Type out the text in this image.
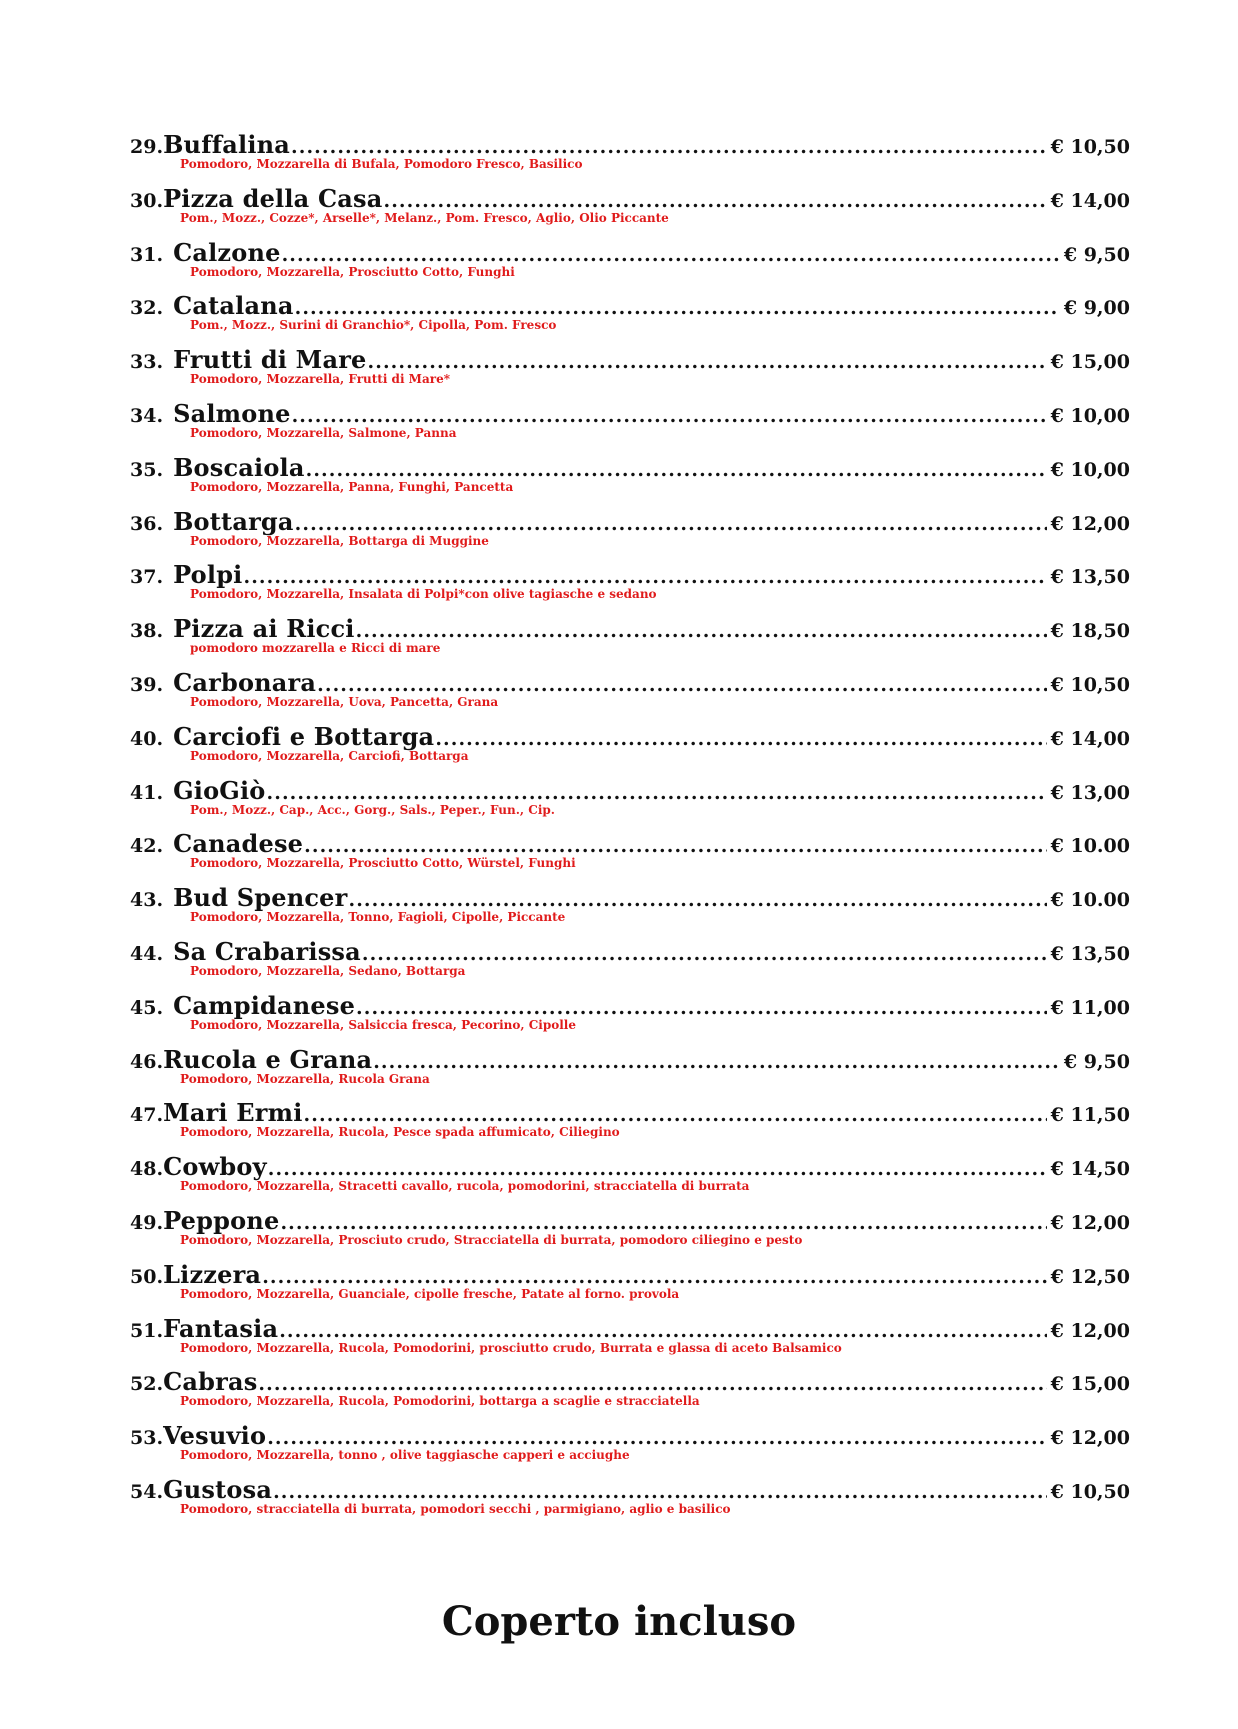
29. Buffalina .....	€ 10,50
Pomodoro, Mozzarella di Bufala, Pomodoro Fresco, Basilico
30. Pizza della Casa .....	€ 14,00
Pom., Mozz., Cozze*, Arselle*, Melanz., Pom. Fresco, Aglio, Olio Piccante
31. Calzone .....	€ 9,50
Pomodoro, Mozzarella, Prosciutto Cotto, Funghi
32. Catalana .....	€ 9,00
Pom., Mozz., Surini di Granchio*, Cipolla, Pom. Fresco
33. Frutti di Mare .....	€ 15,00
Pomodoro, Mozzarella, Frutti di Mare*
34. Salmone .....	€ 10,00
Pomodoro, Mozzarella, Salmone, Panna
35. Boscaiola .....	€ 10,00
Pomodoro, Mozzarella, Panna, Funghi, Pancetta
36. Bottarga .....	€ 12,00
Pomodoro, Mozzarella, Bottarga di Muggine
37. Polpi .....	€ 13,50
Pomodoro, Mozzarella, Insalata di Polpi*con olive tagiasche e sedano
38. Pizza ai Ricci .....	€ 18,50
pomodoro mozzarella e Ricci di mare
39. Carbonara .....	€ 10,50
Pomodoro, Mozzarella, Uova, Pancetta, Grana
40. Carciofi e Bottarga .....	€ 14,00
Pomodoro, Mozzarella, Carciofi, Bottarga
41. GioGiò .....	€ 13,00
Pom., Mozz., Cap., Acc., Gorg., Sals., Peper., Fun., Cip.
42. Canadese .....	€ 10.00
Pomodoro, Mozzarella, Prosciutto Cotto, Würstel, Funghi
43. Bud Spencer .....	€ 10.00
Pomodoro, Mozzarella, Tonno, Fagioli, Cipolle, Piccante
44. Sa Crabarissa .....	€ 13,50
Pomodoro, Mozzarella, Sedano, Bottarga
45. Campidanese .....	€ 11,00
Pomodoro, Mozzarella, Salsiccia fresca, Pecorino, Cipolle
46. Rucola e Grana .....	€ 9,50
Pomodoro, Mozzarella, Rucola Grana
47. Mari Ermi .....	€ 11,50
Pomodoro, Mozzarella, Rucola, Pesce spada affumicato, Ciliegino
48. Cowboy .....	€ 14,50
Pomodoro, Mozzarella, Stracetti cavallo, rucola, pomodorini, stracciatella di burrata
49. Peppone .....	€ 12,00
Pomodoro, Mozzarella, Prosciuto crudo, Stracciatella di burrata, pomodoro ciliegino e pesto
50. Lizzera .....	€ 12,50
Pomodoro, Mozzarella, Guanciale, cipolle fresche, Patate al forno. provola
51. Fantasia .....	€ 12,00
Pomodoro, Mozzarella, Rucola, Pomodorini, prosciutto crudo, Burrata e glassa di aceto Balsamico
52. Cabras .....	€ 15,00
Pomodoro, Mozzarella, Rucola, Pomodorini, bottarga a scaglie e stracciatella
53. Vesuvio .....	€ 12,00
Pomodoro, Mozzarella, tonno , olive taggiasche capperi e acciughe
54. Gustosa .....	€ 10,50
Pomodoro, stracciatella di burrata, pomodori secchi , parmigiano, aglio e basilico
Coperto incluso
